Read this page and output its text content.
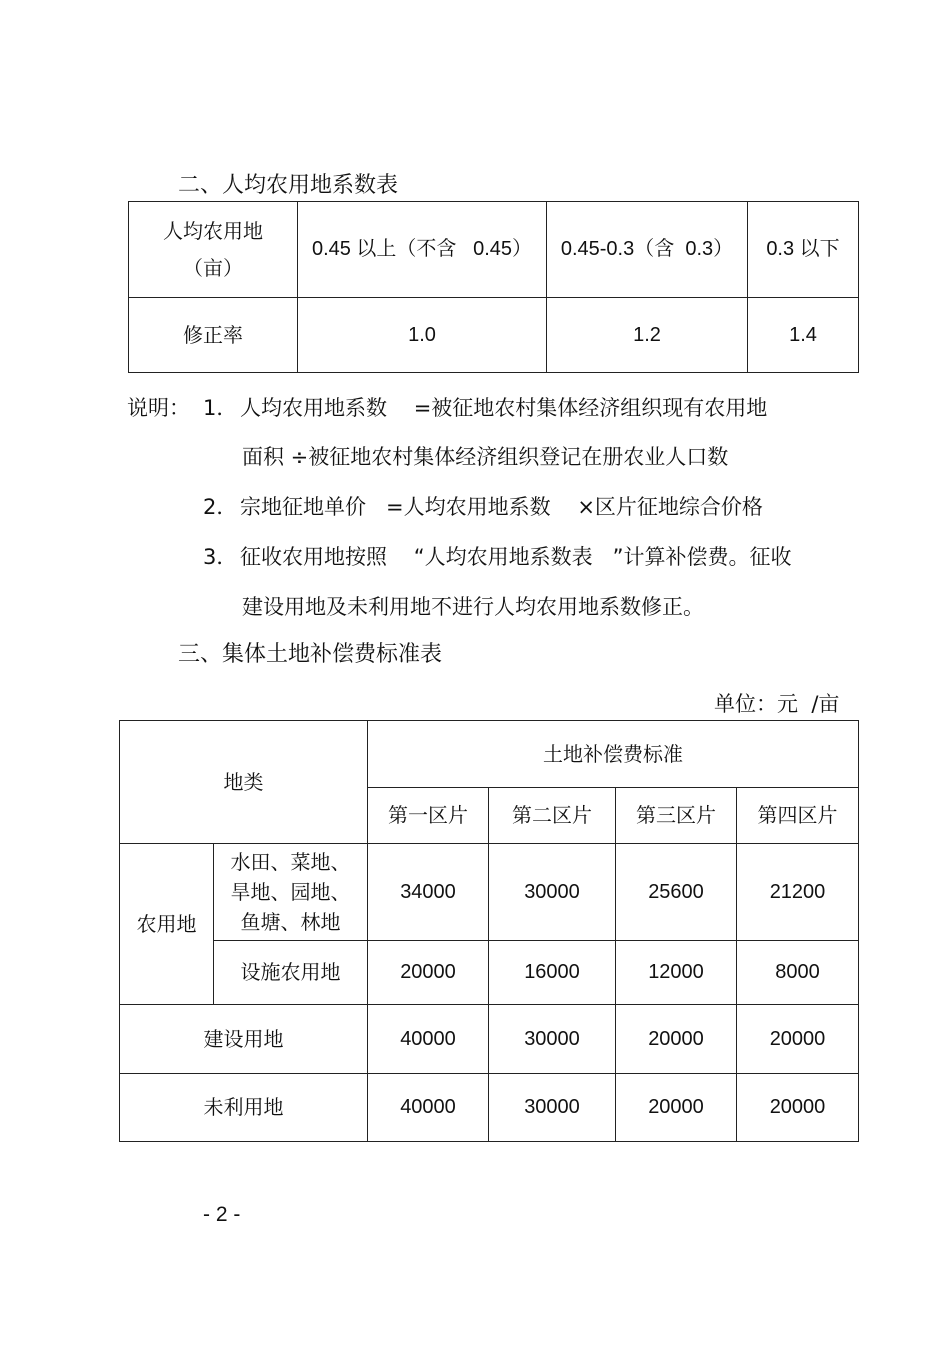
二、人均农用地系数表
人均农用地
（亩）	0.45 以上（不含   0.45）	0.45-0.3（含  0.3）	0.3 以下
修正率	1.0	1.2	1.4
说明： 1． 人均农用地系数    =被征地农村集体经济组织现有农用地
面积 ÷被征地农村集体经济组织登记在册农业人口数
2． 宗地征地单价   =人均农用地系数    ×区片征地综合价格
3． 征收农用地按照    “人均农用地系数表   ”计算补偿费。征收
建设用地及未利用地不进行人均农用地系数修正。
三、集体土地补偿费标准表
单位：元  /亩
地类		土地补偿费标准			
		第一区片	第二区片	第三区片	第四区片
农用地	水田、菜地、
旱地、园地、
鱼塘、林地	34000	30000	25600	21200
	设施农用地	20000	16000	12000	8000
建设用地		40000	30000	20000	20000
未利用地		40000	30000	20000	20000
- 2 -
